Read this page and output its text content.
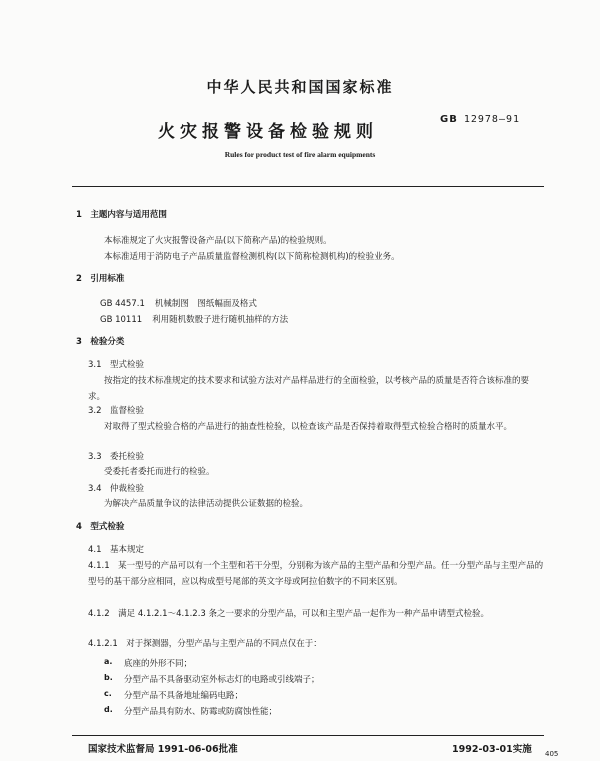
中华人民共和国国家标准
火灾报警设备检验规则
GB 12978—91
Rules for product test of fire alarm equipments
1　主题内容与适用范围
本标准规定了火灾报警设备产品(以下简称产品)的检验规则。
本标准适用于消防电子产品质量监督检测机构(以下简称检测机构)的检验业务。
2　引用标准
GB 4457.1 机械制图　图纸幅面及格式
GB 10111 利用随机数骰子进行随机抽样的方法
3　检验分类
3.1　型式检验
按指定的技术标准规定的技术要求和试验方法对产品样品进行的全面检验，以考核产品的质量是否符合该标准的要求。
3.2　监督检验
对取得了型式检验合格的产品进行的抽查性检验，以检查该产品是否保持着取得型式检验合格时的质量水平。
3.3　委托检验
受委托者委托而进行的检验。
3.4　仲裁检验
为解决产品质量争议的法律活动提供公证数据的检验。
4　型式检验
4.1　基本规定
4.1.1　某一型号的产品可以有一个主型和若干分型，分别称为该产品的主型产品和分型产品。任一分型产品与主型产品的型号的基干部分应相同，应以构成型号尾部的英文字母或阿拉伯数字的不同来区别。
4.1.2　满足 4.1.2.1～4.1.2.3 条之一要求的分型产品，可以和主型产品一起作为一种产品申请型式检验。
4.1.2.1　对于探测器，分型产品与主型产品的不同点仅在于：
a. 底座的外形不同；
b. 分型产品不具备驱动室外标志灯的电路或引线端子；
c. 分型产品不具备地址编码电路；
d. 分型产品具有防水、防霉或防腐蚀性能；
国家技术监督局 1991-06-06批准	1992-03-01实施 405
